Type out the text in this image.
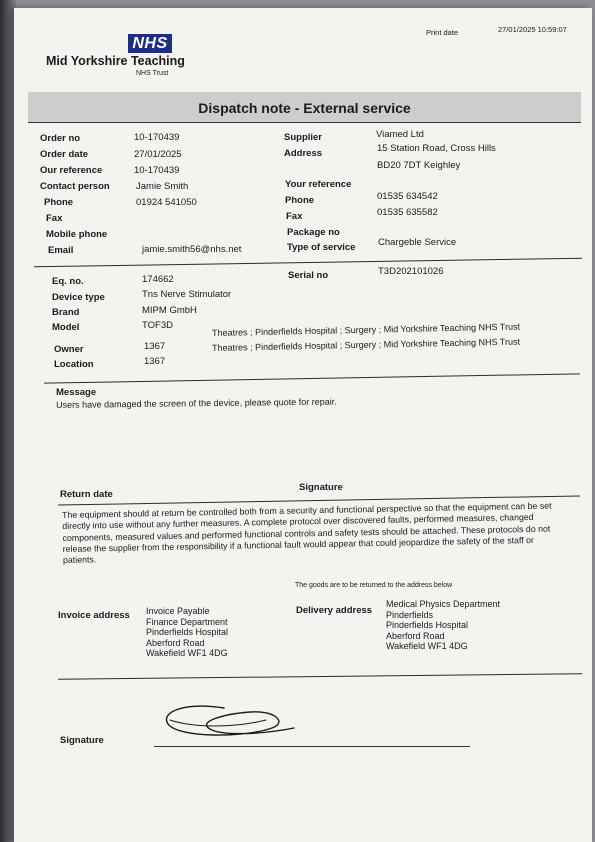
Print date	27/01/2025 10:59:07
NHS
Mid Yorkshire Teaching
NHS Trust
Dispatch note - External service
Order no	10-170439
Order date	27/01/2025
Our reference	10-170439
Contact person	Jamie Smith
Phone	01924 541050
Fax
Mobile phone
Email	jamie.smith56@nhs.net
Supplier	Viamed Ltd
Address	15 Station Road, Cross Hills
BD20 7DT Keighley
Your reference
Phone	01535 634542
Fax	01535 635582
Package no
Type of service Chargeble Service
Eq. no.	174662
Device type	Tns Nerve Stimulator
Brand	MIPM GmbH
Model	TOF3D
Serial no	T3D202101026
Owner	1367
Theatres ; Pinderfields Hospital ; Surgery ; Mid Yorkshire Teaching NHS Trust
Location	1367
Theatres ; Pinderfields Hospital ; Surgery ; Mid Yorkshire Teaching NHS Trust
Message
Users have damaged the screen of the device, please quote for repair.
Return date
Signature
The equipment should at return be controlled both from a security and functional perspective so that the equipment can be set directly into use without any further measures. A complete protocol over discovered faults, performed measures, changed components, measured values and performed functional controls and safety tests should be attached. These protocols do not release the supplier from the responsibility if a functional fault would appear that could jeopardize the safety of the staff or patients.
The goods are to be returned to the address below
Invoice address Invoice Payable
Finance Department
Pinderfields Hospital
Aberford Road
Wakefield WF1 4DG
Delivery address
Medical Physics Department
Pinderfields
Pinderfields Hospital
Aberford Road
Wakefield WF1 4DG
Signature
